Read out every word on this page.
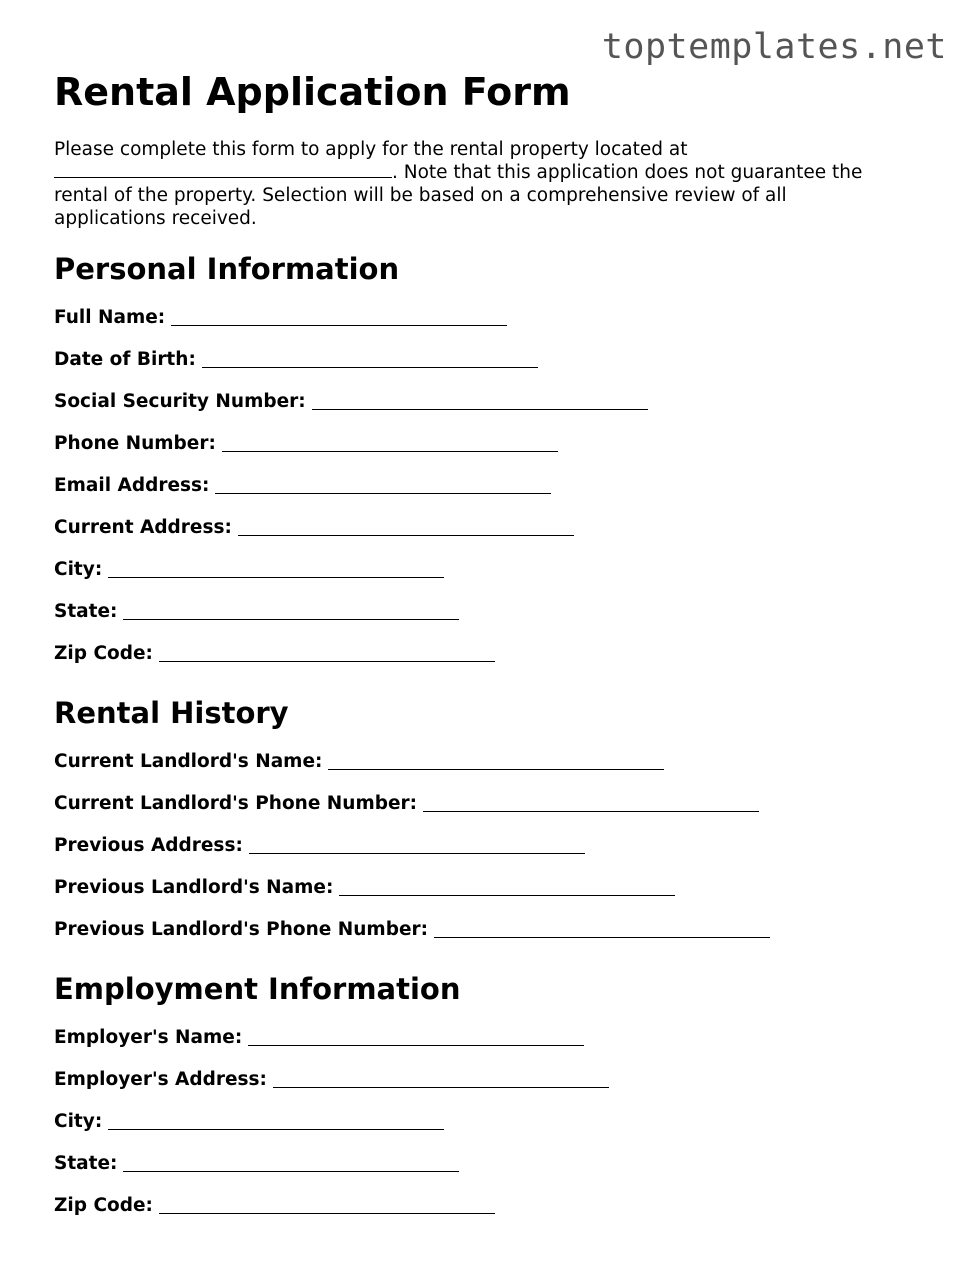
toptemplates.net
Rental Application Form

Please complete this form to apply for the rental property located at
. Note that this application does not guarantee the rental of the property. Selection will be based on a comprehensive review of all applications received.

Personal Information
Full Name:
Date of Birth:
Social Security Number:
Phone Number:
Email Address:
Current Address:
City:
State:
Zip Code:
Rental History
Current Landlord's Name:
Current Landlord's Phone Number:
Previous Address:
Previous Landlord's Name:
Previous Landlord's Phone Number:
Employment Information
Employer's Name:
Employer's Address:
City:
State:
Zip Code:
